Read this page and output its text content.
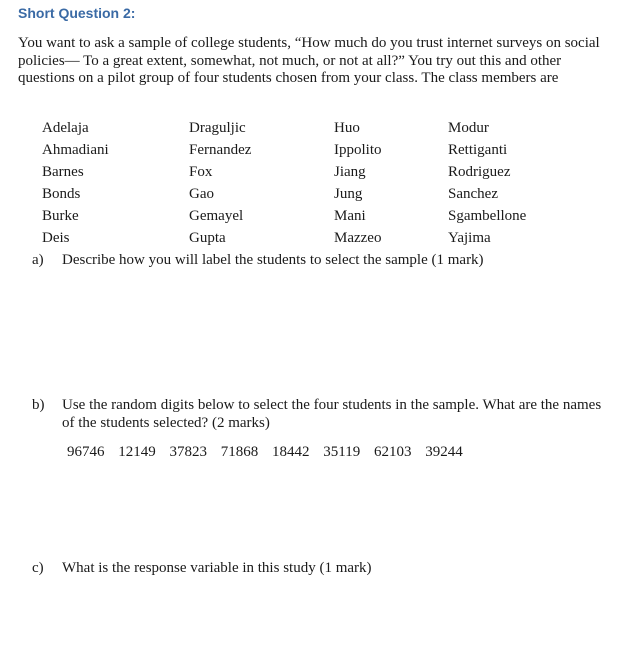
Short Question 2:

You want to ask a sample of college students, “How much do you trust internet surveys on social policies— To a great extent, somewhat, not much, or not at all?” You try out this and other questions on a pilot group of four students chosen from your class. The class members are

Adelaja	Draguljic	Huo	Modur
Ahmadiani	Fernandez	Ippolito	Rettiganti
Barnes	Fox	Jiang	Rodriguez
Bonds	Gao	Jung	Sanchez
Burke	Gemayel	Mani	Sgambellone
Deis	Gupta	Mazzeo	Yajima
a) Describe how you will label the students to select the sample (1 mark)

b) Use the random digits below to select the four students in the sample. What are the names of the students selected? (2 marks)

96746 12149 37823 71868 18442 35119 62103 39244
c) What is the response variable in this study (1 mark)
